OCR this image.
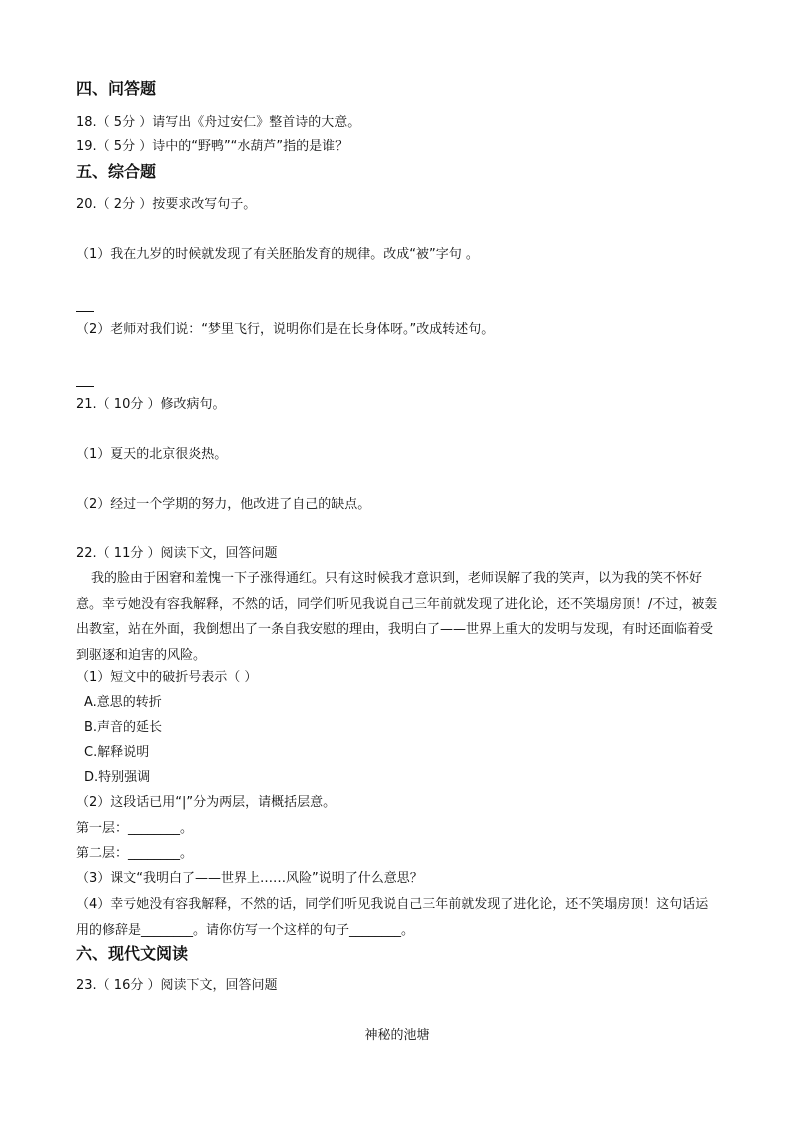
四、问答题
18.（ 5分 ）请写出《舟过安仁》整首诗的大意。
19.（ 5分 ）诗中的“野鸭”“水葫芦”指的是谁？
五、综合题
20.（ 2分 ）按要求改写句子。
（1）我在九岁的时候就发现了有关胚胎发育的规律。改成“被”字句 。
（2）老师对我们说：“梦里飞行，说明你们是在长身体呀。”改成转述句。
21.（ 10分 ）修改病句。
（1）夏天的北京很炎热。
（2）经过一个学期的努力，他改进了自己的缺点。
22.（ 11分 ）阅读下文，回答问题
我的脸由于困窘和羞愧一下子涨得通红。只有这时候我才意识到，老师误解了我的笑声，以为我的笑不怀好意。幸亏她没有容我解释，不然的话，同学们听见我说自己三年前就发现了进化论，还不笑塌房顶！/不过，被轰出教室，站在外面，我倒想出了一条自我安慰的理由，我明白了——世界上重大的发明与发现，有时还面临着受到驱逐和迫害的风险。
（1）短文中的破折号表示（ ）
A.意思的转折
B.声音的延长
C.解释说明
D.特别强调
（2）这段话已用“|”分为两层，请概括层意。
第一层：________。
第二层：________。
（3）课文“我明白了——世界上……风险”说明了什么意思？
（4）幸亏她没有容我解释，不然的话，同学们听见我说自己三年前就发现了进化论，还不笑塌房顶！这句话运用的修辞是________。请你仿写一个这样的句子________。
六、现代文阅读
23.（ 16分 ）阅读下文，回答问题
神秘的池塘
